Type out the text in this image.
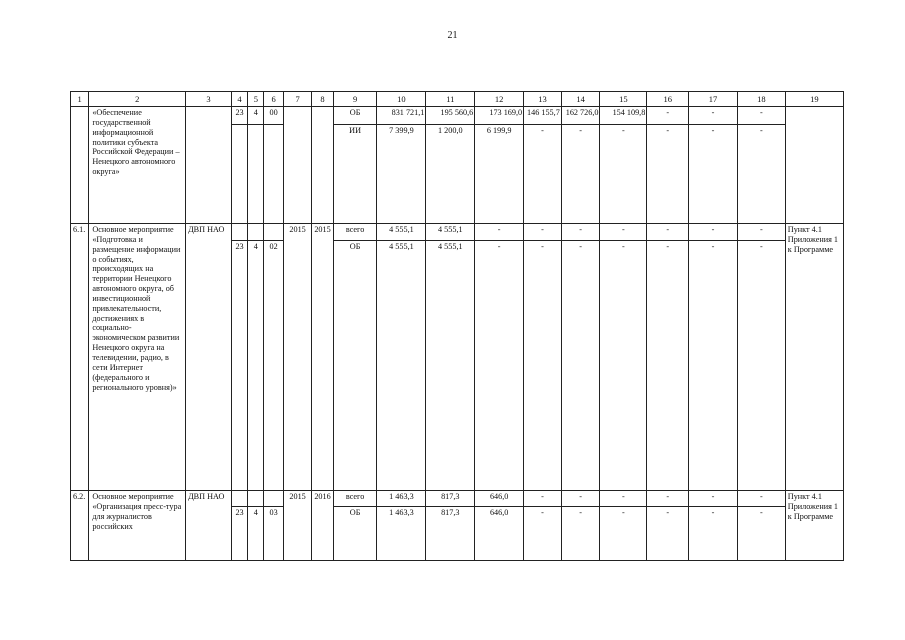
21
1	2	3	4	5	6	7	8	9	10	11	12	13	14	15	16	17	18	19
	«Обеспечение государственной информационной политики субъекта Российской Федерации – Ненецкого автономного округа»		23	4	00			ОБ	831 721,1	195 560,6	173 169,0	146 155,7	162 726,0	154 109,8	-	-	-	
								ИИ	7 399,9	1 200,0	6 199,9	-	-	-	-	-	-	
6.1.	Основное мероприятие «Подготовка и размещение информации о событиях, происходящих на территории Ненецкого автономного округа, об инвестиционной привлекательности, достижениях в социально-экономическом развитии Ненецкого округа на телевидении, радио, в сети Интернет (федерального и регионального уровня)»	ДВП НАО				2015	2015	всего	4 555,1	4 555,1	-	-	-	-	-	-	-	Пункт 4.1 Приложения 1 к Программе
			23	4	02			ОБ	4 555,1	4 555,1	-	-	-	-	-	-	-	
6.2.	Основное мероприятие «Организация пресс-тура для журналистов российских	ДВП НАО				2015	2016	всего	1 463,3	817,3	646,0	-	-	-	-	-	-	Пункт 4.1 Приложения 1 к Программе
			23	4	03			ОБ	1 463,3	817,3	646,0	-	-	-	-	-	-	
